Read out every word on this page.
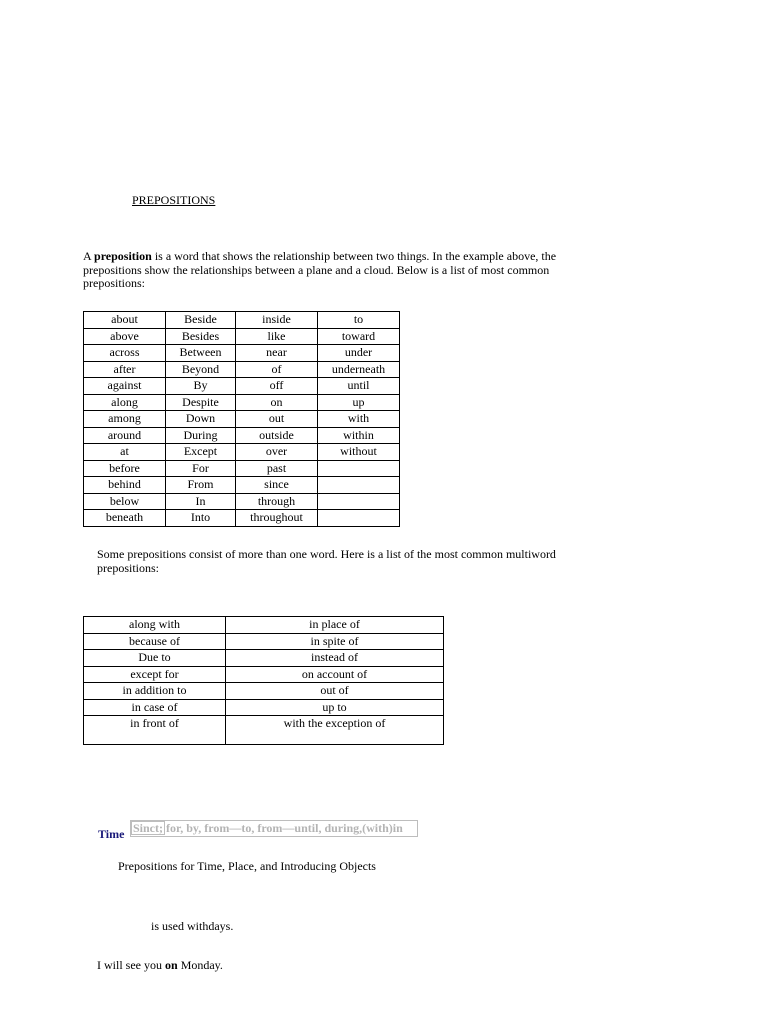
PREPOSITIONS
A preposition is a word that shows the relationship between two things. In the example above, the prepositions show the relationships between a plane and a cloud. Below is a list of most common prepositions:
about	Beside	inside	to
above	Besides	like	toward
across	Between	near	under
after	Beyond	of	underneath
against	By	off	until
along	Despite	on	up
among	Down	out	with
around	During	outside	within
at	Except	over	without
before	For	past	
behind	From	since	
below	In	through	
beneath	Into	throughout	
Some prepositions consist of more than one word. Here is a list of the most common multiword prepositions:
along with	in place of
because of	in spite of
Due to	instead of
except for	on account of
in addition to	out of
in case of	up to
in front of	with the exception of
Time Sinct; for, by, from—to, from—until, during,(with)in
Prepositions for Time, Place, and Introducing Objects
is used withdays.
I will see you on Monday.
